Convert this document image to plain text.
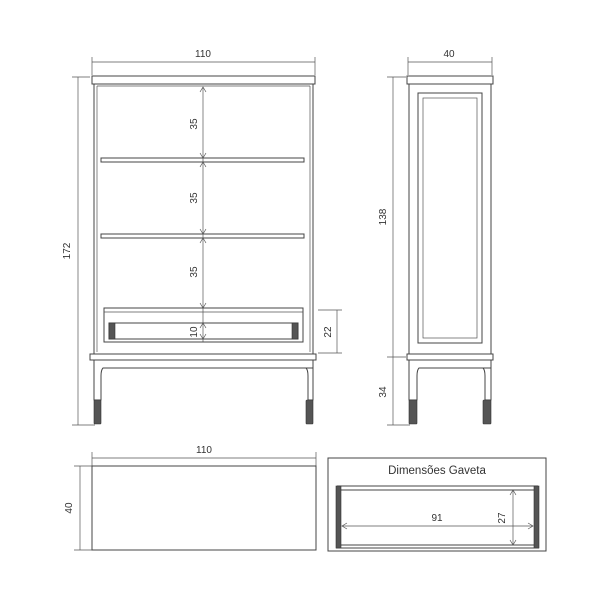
110
172
35
35
35
10	22
40
138
34
110
40
Dimensões Gaveta
91	27
